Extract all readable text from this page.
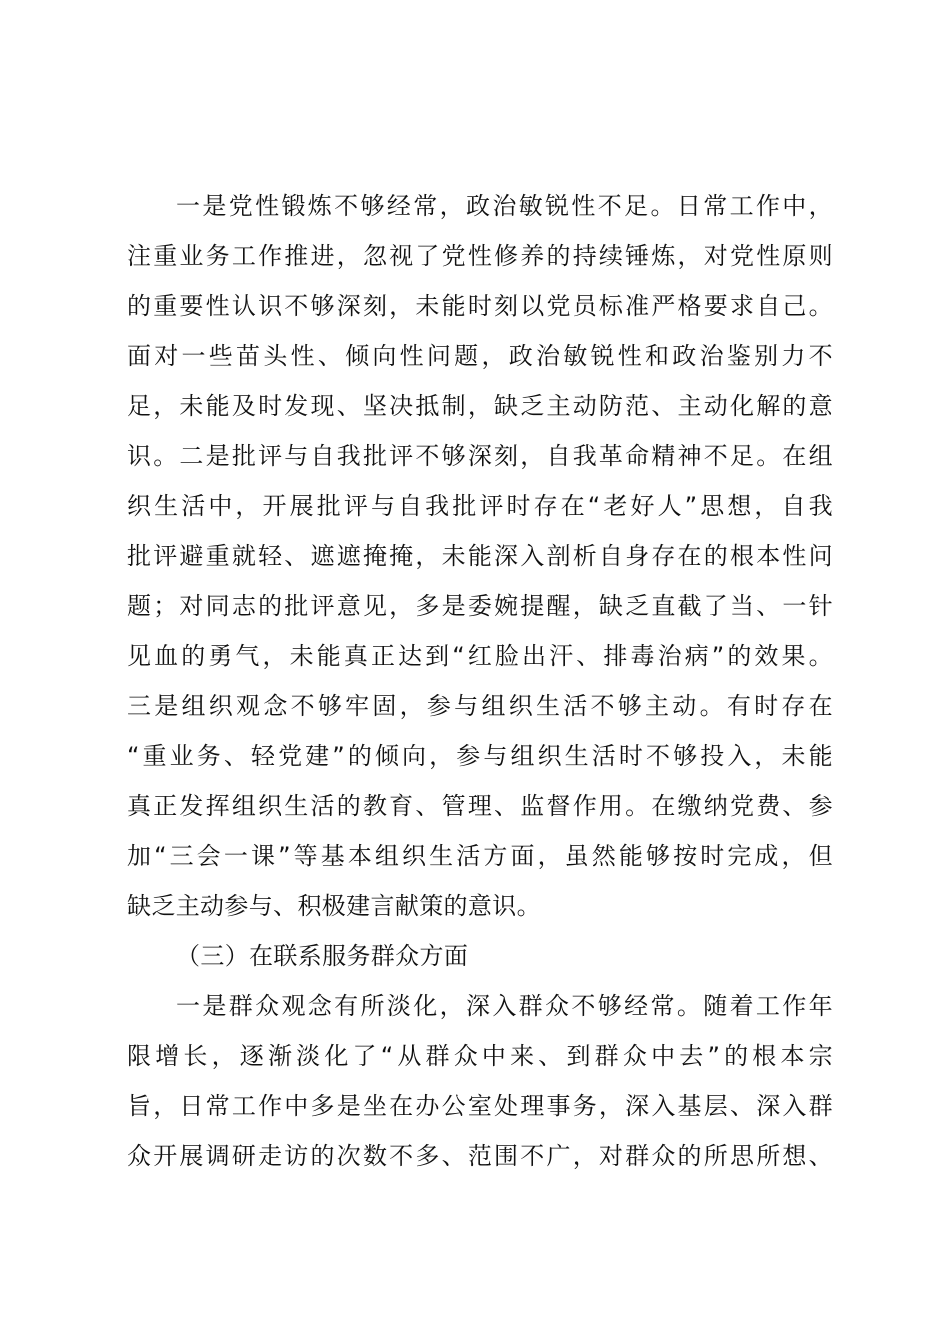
一是党性锻炼不够经常，政治敏锐性不足。日常工作中，
注重业务工作推进，忽视了党性修养的持续锤炼，对党性原则
的重要性认识不够深刻，未能时刻以党员标准严格要求自己。
面对一些苗头性、倾向性问题，政治敏锐性和政治鉴别力不
足，未能及时发现、坚决抵制，缺乏主动防范、主动化解的意
识。二是批评与自我批评不够深刻，自我革命精神不足。在组
织生活中，开展批评与自我批评时存在“老好人”思想，自我
批评避重就轻、遮遮掩掩，未能深入剖析自身存在的根本性问
题；对同志的批评意见，多是委婉提醒，缺乏直截了当、一针
见血的勇气，未能真正达到“红脸出汗、排毒治病”的效果。
三是组织观念不够牢固，参与组织生活不够主动。有时存在
“重业务、轻党建”的倾向，参与组织生活时不够投入，未能
真正发挥组织生活的教育、管理、监督作用。在缴纳党费、参
加“三会一课”等基本组织生活方面，虽然能够按时完成，但
缺乏主动参与、积极建言献策的意识。
（三）在联系服务群众方面
一是群众观念有所淡化，深入群众不够经常。随着工作年
限增长，逐渐淡化了“从群众中来、到群众中去”的根本宗
旨，日常工作中多是坐在办公室处理事务，深入基层、深入群
众开展调研走访的次数不多、范围不广，对群众的所思所想、
